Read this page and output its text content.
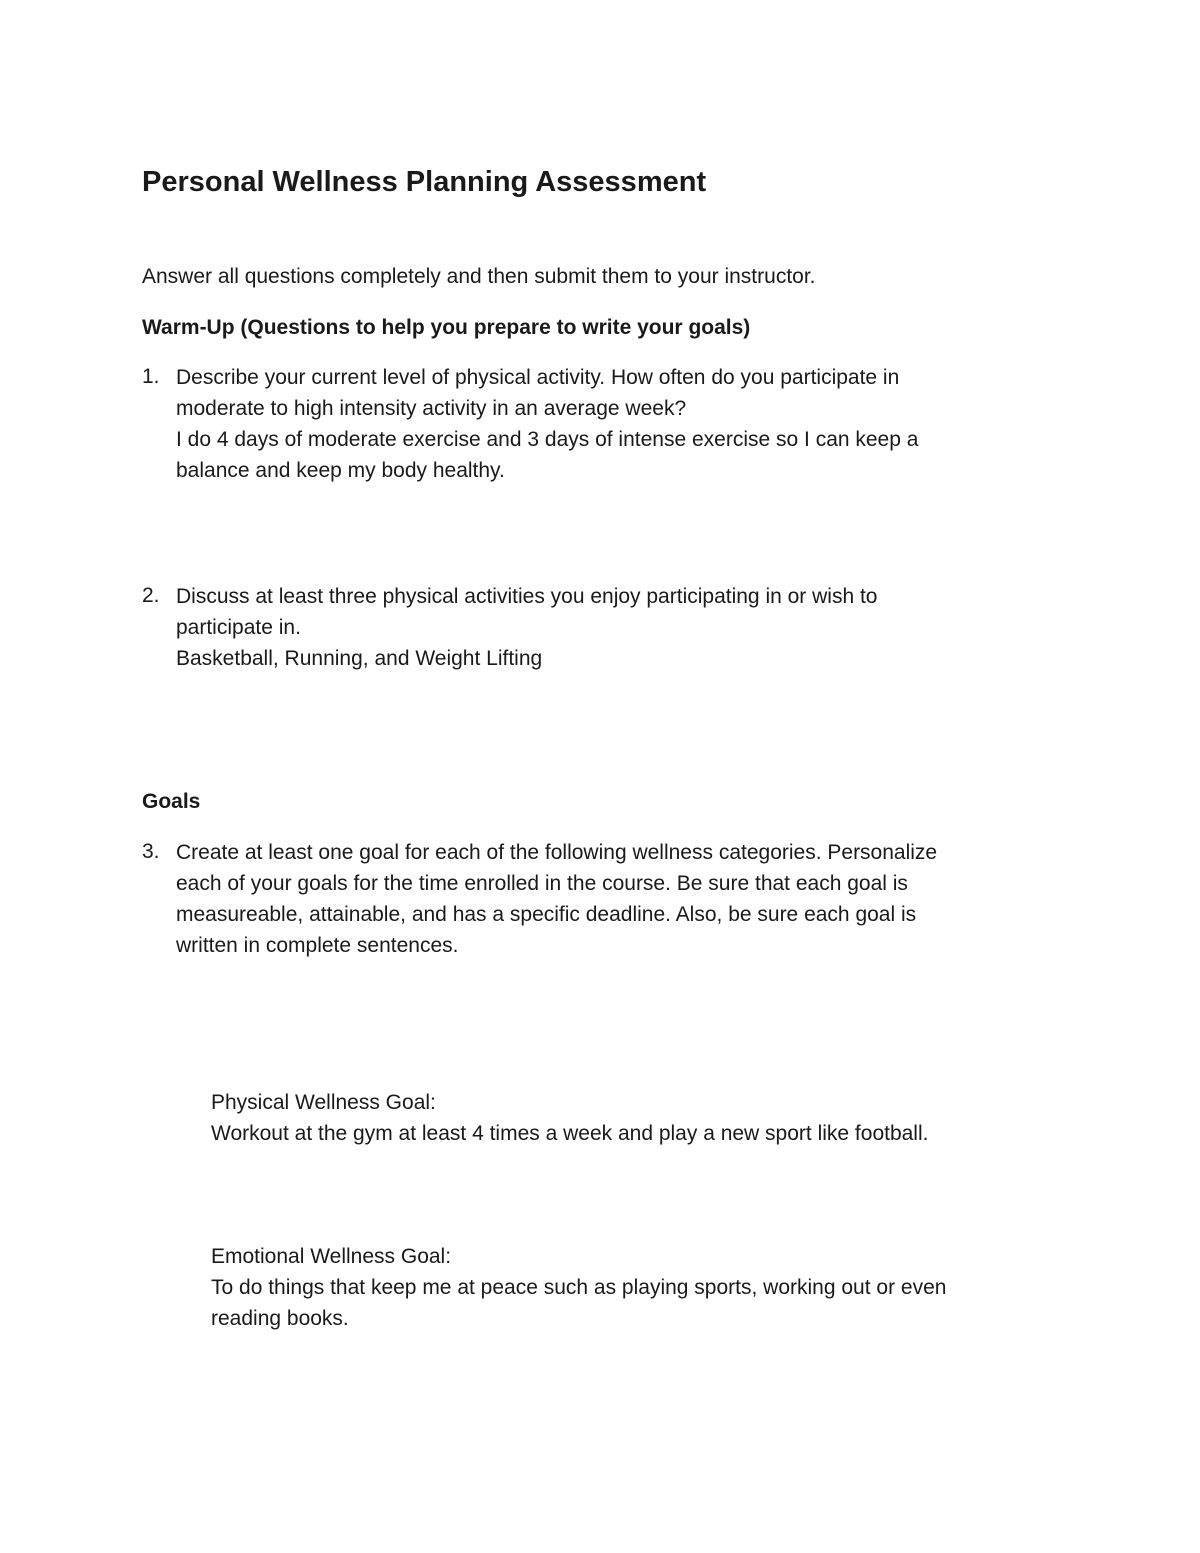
Personal Wellness Planning Assessment
Answer all questions completely and then submit them to your instructor.
Warm-Up (Questions to help you prepare to write your goals)
1. Describe your current level of physical activity. How often do you participate in
moderate to high intensity activity in an average week?
I do 4 days of moderate exercise and 3 days of intense exercise so I can keep a
balance and keep my body healthy.
2. Discuss at least three physical activities you enjoy participating in or wish to
participate in.
Basketball, Running, and Weight Lifting
Goals
3. Create at least one goal for each of the following wellness categories. Personalize
each of your goals for the time enrolled in the course. Be sure that each goal is
measureable, attainable, and has a specific deadline. Also, be sure each goal is
written in complete sentences.
Physical Wellness Goal:
Workout at the gym at least 4 times a week and play a new sport like football.
Emotional Wellness Goal:
To do things that keep me at peace such as playing sports, working out or even
reading books.
